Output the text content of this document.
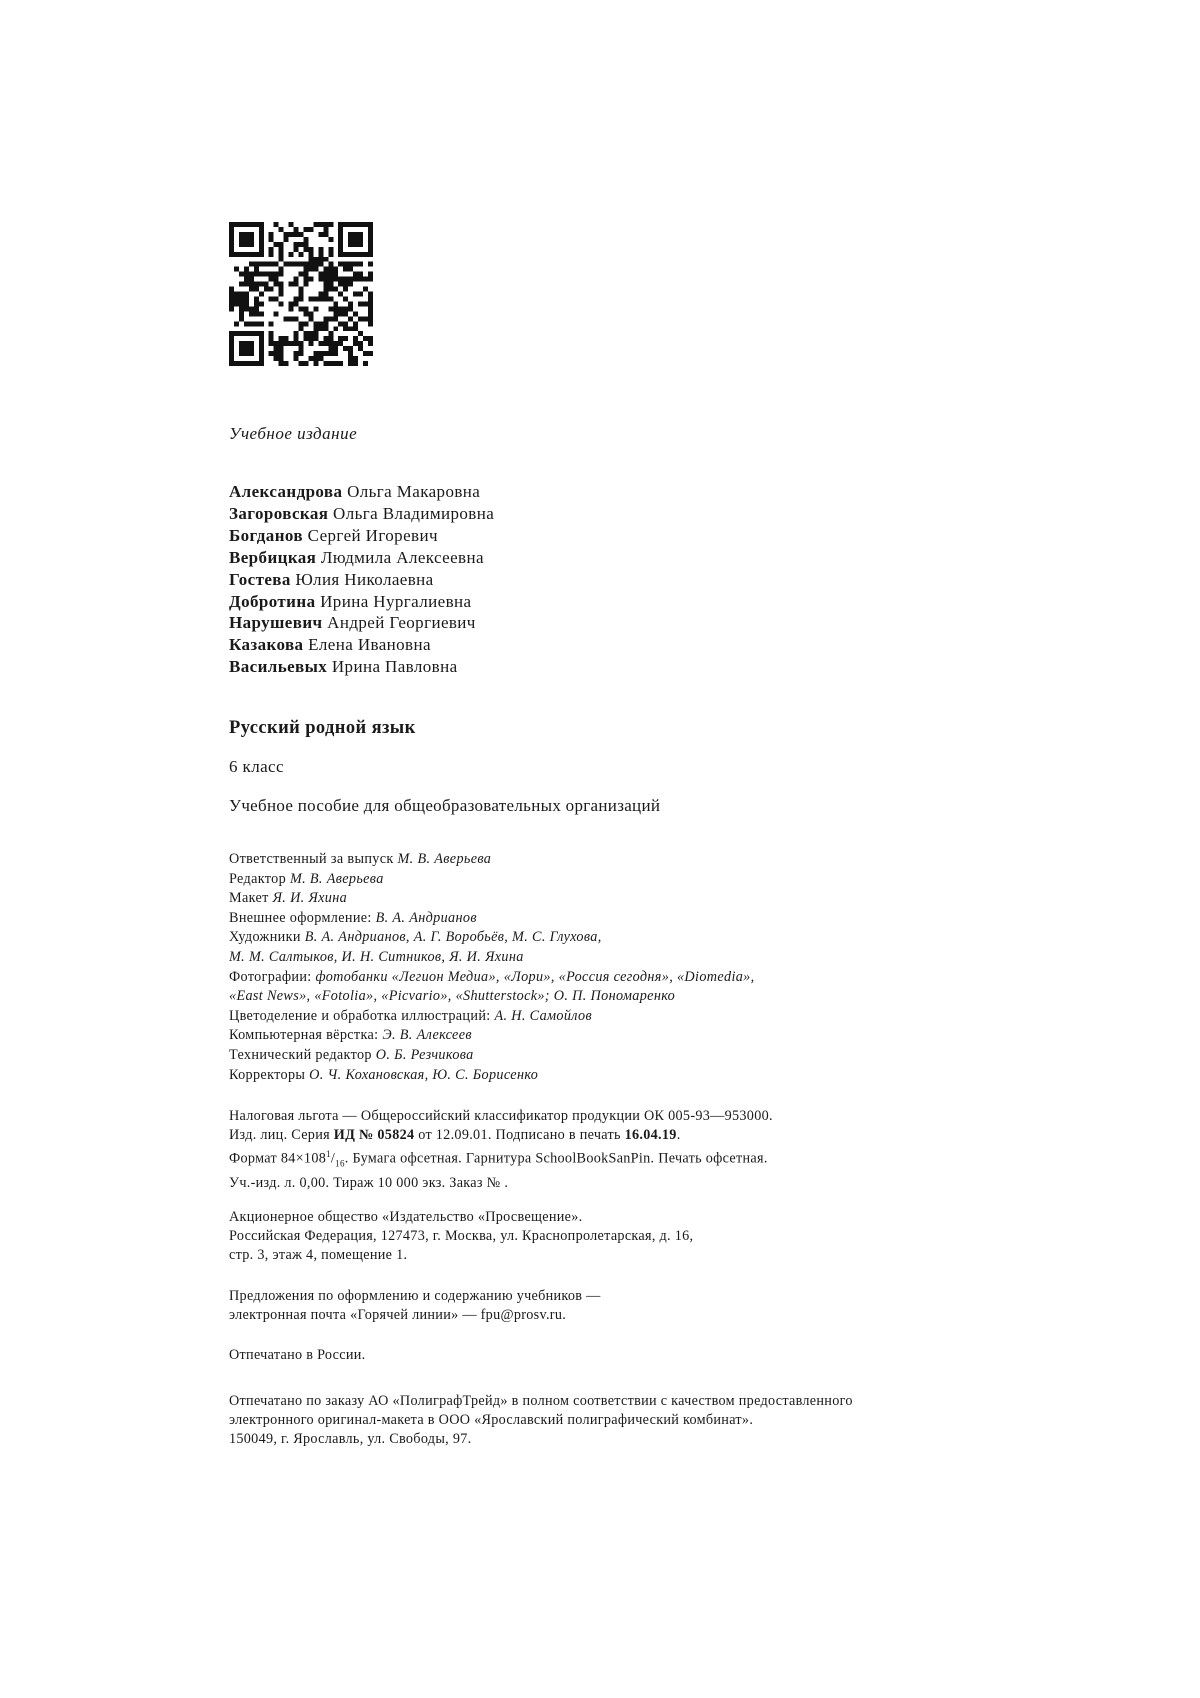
Учебное издание
Александрова Ольга Макаровна
Загоровская Ольга Владимировна
Богданов Сергей Игоревич
Вербицкая Людмила Алексеевна
Гостева Юлия Николаевна
Добротина Ирина Нургалиевна
Нарушевич Андрей Георгиевич
Казакова Елена Ивановна
Васильевых Ирина Павловна
Русский родной язык
6 класс
Учебное пособие для общеобразовательных организаций
Ответственный за выпуск М. В. Аверьева
Редактор М. В. Аверьева
Макет Я. И. Яхина
Внешнее оформление: В. А. Андрианов
Художники В. А. Андрианов, А. Г. Воробьёв, М. С. Глухова,
М. М. Салтыков, И. Н. Ситников, Я. И. Яхина
Фотографии: фотобанки «Легион Медиа», «Лори», «Россия сегодня», «Diomedia»,
«East News», «Fotolia», «Picvario», «Shutterstock»; О. П. Пономаренко
Цветоделение и обработка иллюстраций: А. Н. Самойлов
Компьютерная вёрстка: Э. В. Алексеев
Технический редактор О. Б. Резчикова
Корректоры О. Ч. Кохановская, Ю. С. Борисенко
Налоговая льгота — Общероссийский классификатор продукции ОК 005-93—953000.
Изд. лиц. Серия ИД № 05824 от 12.09.01. Подписано в печать 16.04.19.
Формат $84\times 108^1/_{16}$. Бумага офсетная. Гарнитура SchoolBookSanPin. Печать офсетная.
Уч.-изд. л. 0,00. Тираж 10 000 экз. Заказ № .
Акционерное общество «Издательство «Просвещение».
Российская Федерация, 127473, г. Москва, ул. Краснопролетарская, д. 16,
стр. 3, этаж 4, помещение 1.
Предложения по оформлению и содержанию учебников —
электронная почта «Горячей линии» — fpu@prosv.ru.
Отпечатано в России.
Отпечатано по заказу АО «ПолиграфТрейд» в полном соответствии с качеством предоставленного
электронного оригинал-макета в ООО «Ярославский полиграфический комбинат».
150049, г. Ярославль, ул. Свободы, 97.
